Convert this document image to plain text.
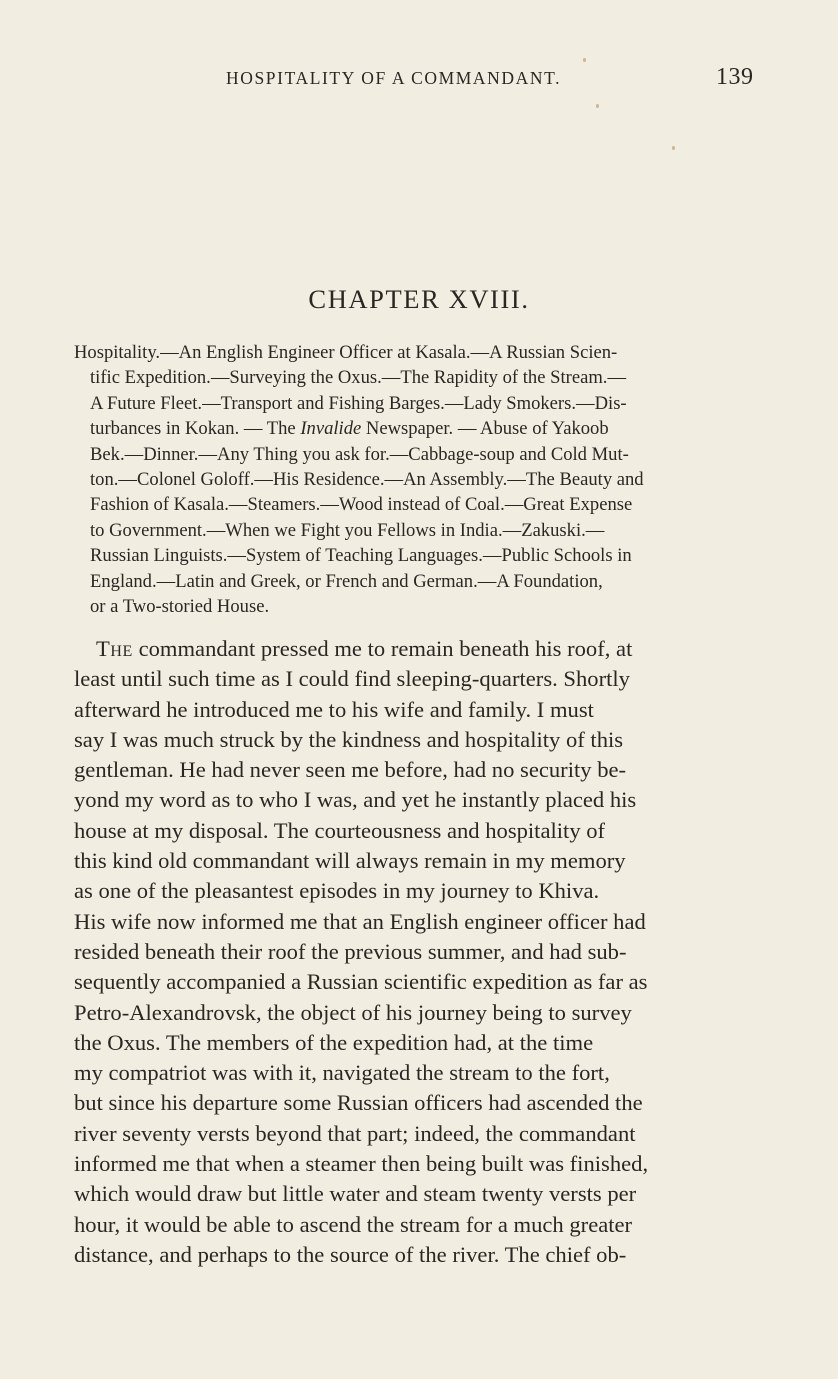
HOSPITALITY OF A COMMANDANT.	139
CHAPTER XVIII.
Hospitality.—An English Engineer Officer at Kasala.—A Russian Scien-
tific Expedition.—Surveying the Oxus.—The Rapidity of the Stream.—
A Future Fleet.—Transport and Fishing Barges.—Lady Smokers.—Dis-
turbances in Kokan. — The Invalide Newspaper. — Abuse of Yakoob
Bek.—Dinner.—Any Thing you ask for.—Cabbage-soup and Cold Mut-
ton.—Colonel Goloff.—His Residence.—An Assembly.—The Beauty and
Fashion of Kasala.—Steamers.—Wood instead of Coal.—Great Expense
to Government.—When we Fight you Fellows in India.—Zakuski.—
Russian Linguists.—System of Teaching Languages.—Public Schools in
England.—Latin and Greek, or French and German.—A Foundation,
or a Two-storied House.
The commandant pressed me to remain beneath his roof, at
least until such time as I could find sleeping-quarters. Shortly
afterward he introduced me to his wife and family. I must
say I was much struck by the kindness and hospitality of this
gentleman. He had never seen me before, had no security be-
yond my word as to who I was, and yet he instantly placed his
house at my disposal. The courteousness and hospitality of
this kind old commandant will always remain in my memory
as one of the pleasantest episodes in my journey to Khiva.
His wife now informed me that an English engineer officer had
resided beneath their roof the previous summer, and had sub-
sequently accompanied a Russian scientific expedition as far as
Petro-Alexandrovsk, the object of his journey being to survey
the Oxus. The members of the expedition had, at the time
my compatriot was with it, navigated the stream to the fort,
but since his departure some Russian officers had ascended the
river seventy versts beyond that part; indeed, the commandant
informed me that when a steamer then being built was finished,
which would draw but little water and steam twenty versts per
hour, it would be able to ascend the stream for a much greater
distance, and perhaps to the source of the river. The chief ob-
